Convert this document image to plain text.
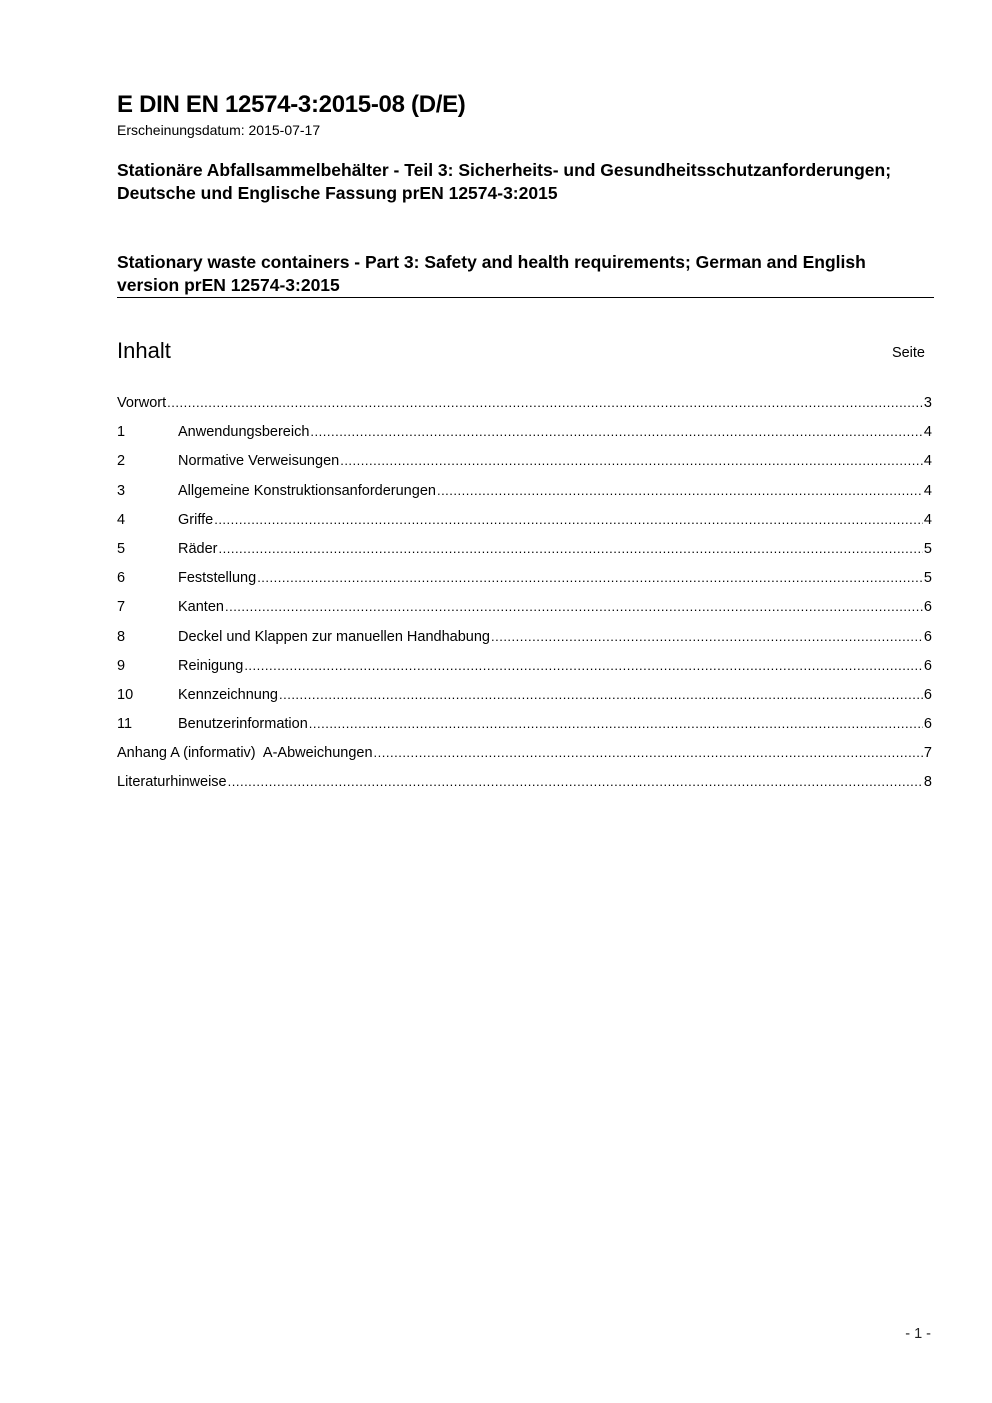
E DIN EN 12574-3:2015-08 (D/E)
Erscheinungsdatum: 2015-07-17
Stationäre Abfallsammelbehälter - Teil 3: Sicherheits- und Gesundheitsschutzanforderungen; Deutsche und Englische Fassung prEN 12574-3:2015
Stationary waste containers - Part 3: Safety and health requirements; German and English version prEN 12574-3:2015
Inhalt	Seite
Vorwort .....	3
1	Anwendungsbereich .....	4
2	Normative Verweisungen .....	4
3	Allgemeine Konstruktionsanforderungen .....	4
4	Griffe .....	4
5	Räder .....	5
6	Feststellung .....	5
7	Kanten .....	6
8	Deckel und Klappen zur manuellen Handhabung .....	6
9	Reinigung .....	6
10	Kennzeichnung .....	6
11	Benutzerinformation .....	6
Anhang A (informativ)  A-Abweichungen .....	7
Literaturhinweise .....	8
- 1 -
